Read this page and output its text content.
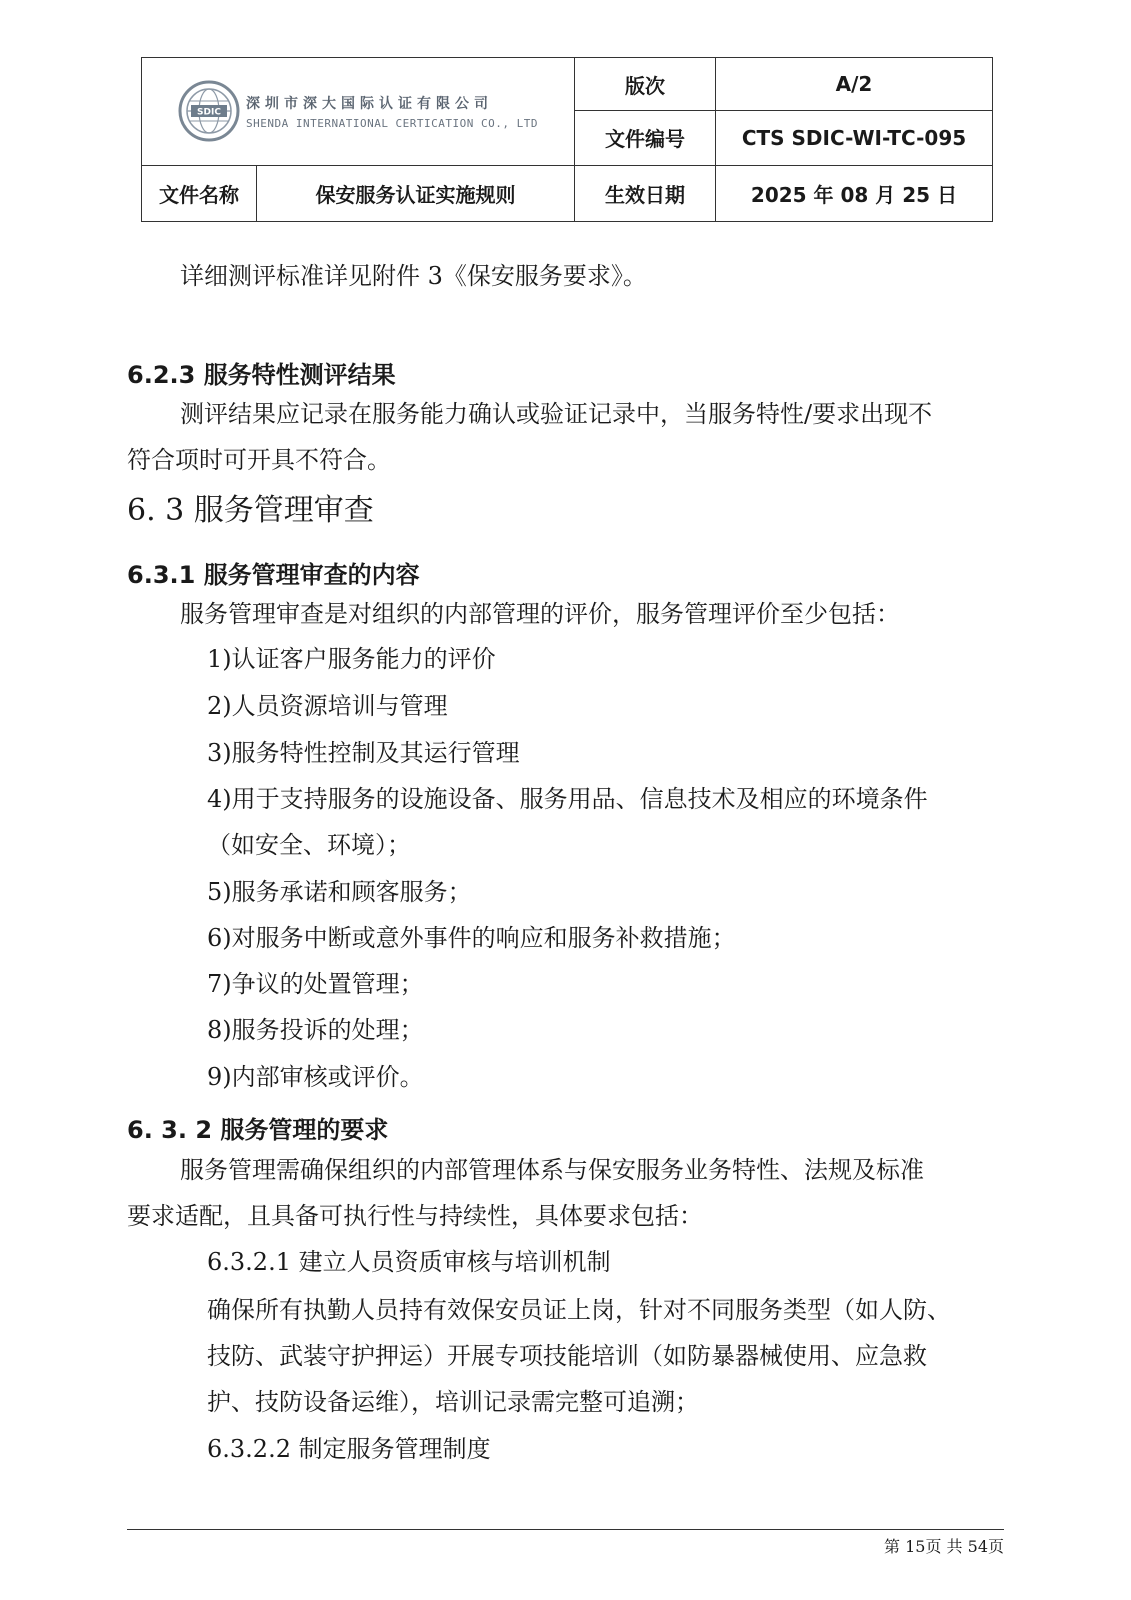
SDIC
深圳市深大国际认证有限公司
SHENDA INTERNATIONAL CERTICATION CO., LTD		版次	A/2
		文件编号	CTS SDIC-WI-TC-095
文件名称	保安服务认证实施规则	生效日期	2025 年 08 月 25 日
详细测评标准详见附件 3《保安服务要求》。
6.2.3 服务特性测评结果
测评结果应记录在服务能力确认或验证记录中，当服务特性/要求出现不
符合项时可开具不符合。
6. 3 服务管理审查
6.3.1 服务管理审查的内容
服务管理审查是对组织的内部管理的评价，服务管理评价至少包括：
1)认证客户服务能力的评价
2)人员资源培训与管理
3)服务特性控制及其运行管理
4)用于支持服务的设施设备、服务用品、信息技术及相应的环境条件
（如安全、环境）；
5)服务承诺和顾客服务；
6)对服务中断或意外事件的响应和服务补救措施；
7)争议的处置管理；
8)服务投诉的处理；
9)内部审核或评价。
6. 3. 2 服务管理的要求
服务管理需确保组织的内部管理体系与保安服务业务特性、法规及标准
要求适配，且具备可执行性与持续性，具体要求包括：
6.3.2.1 建立人员资质审核与培训机制
确保所有执勤人员持有效保安员证上岗，针对不同服务类型（如人防、
技防、武装守护押运）开展专项技能培训（如防暴器械使用、应急救
护、技防设备运维），培训记录需完整可追溯；
6.3.2.2 制定服务管理制度
第 15页 共 54页
